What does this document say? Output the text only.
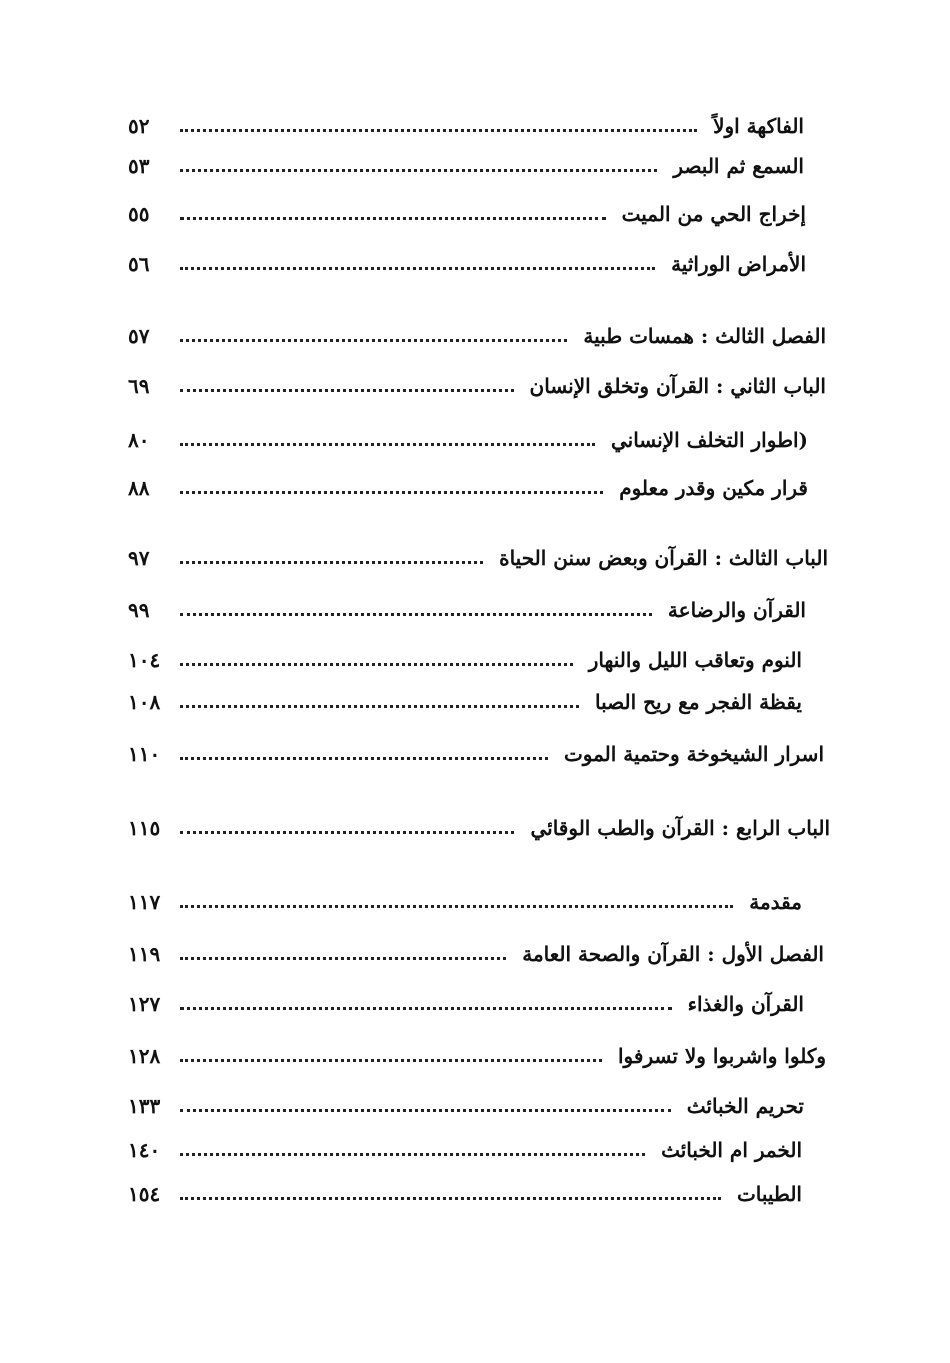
الفاكهة اولاً
٥٢
السمع ثم البصر
٥٣
إخراج الحي من الميت
٥٥
الأمراض الوراثية
٥٦
الفصل الثالث : همسات طبية
٥٧
الباب الثاني : القرآن وتخلق الإنسان
٦٩
(اطوار التخلف الإنساني
٨٠
قرار مكين وقدر معلوم
٨٨
الباب الثالث : القرآن وبعض سنن الحياة
٩٧
القرآن والرضاعة
٩٩
النوم وتعاقب الليل والنهار
١٠٤
يقظة الفجر مع ريح الصبا
١٠٨
اسرار الشيخوخة وحتمية الموت
١١٠
الباب الرابع : القرآن والطب الوقائي
١١٥
مقدمة
١١٧
الفصل الأول : القرآن والصحة العامة
١١٩
القرآن والغذاء
١٢٧
وكلوا واشربوا ولا تسرفوا
١٢٨
تحريم الخبائث
١٣٣
الخمر ام الخبائث
١٤٠
الطيبات
١٥٤
